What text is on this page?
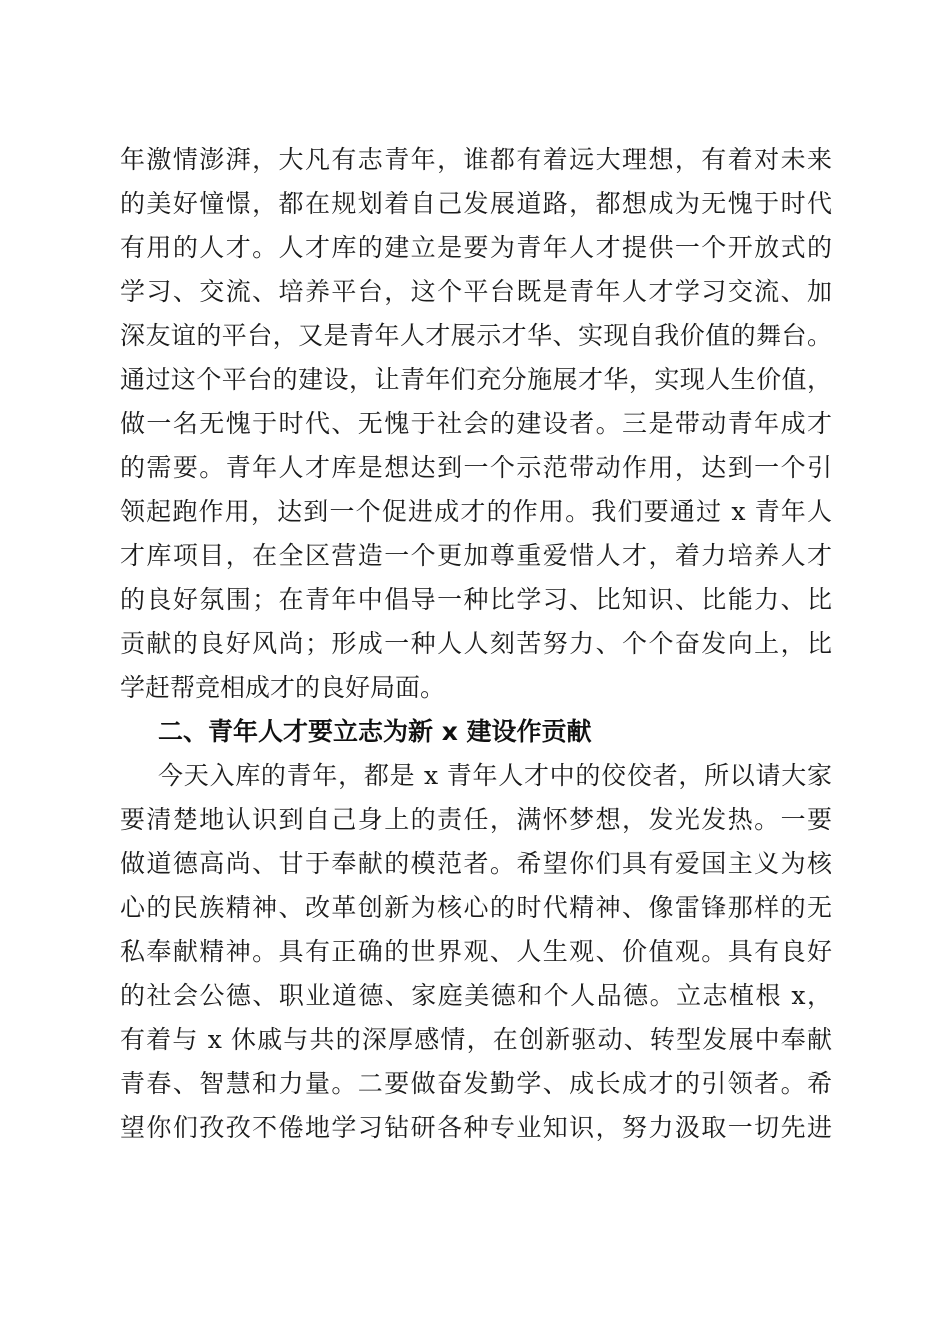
年激情澎湃，大凡有志青年，谁都有着远大理想，有着对未来
的美好憧憬，都在规划着自己发展道路，都想成为无愧于时代
有用的人才。人才库的建立是要为青年人才提供一个开放式的
学习、交流、培养平台，这个平台既是青年人才学习交流、加
深友谊的平台，又是青年人才展示才华、实现自我价值的舞台。
通过这个平台的建设，让青年们充分施展才华，实现人生价值，
做一名无愧于时代、无愧于社会的建设者。三是带动青年成才
的需要。青年人才库是想达到一个示范带动作用，达到一个引
领起跑作用，达到一个促进成才的作用。我们要通过 x 青年人
才库项目，在全区营造一个更加尊重爱惜人才，着力培养人才
的良好氛围；在青年中倡导一种比学习、比知识、比能力、比
贡献的良好风尚；形成一种人人刻苦努力、个个奋发向上，比
学赶帮竞相成才的良好局面。
二、青年人才要立志为新 x 建设作贡献
今天入库的青年，都是 x 青年人才中的佼佼者，所以请大家
要清楚地认识到自己身上的责任，满怀梦想，发光发热。一要
做道德高尚、甘于奉献的模范者。希望你们具有爱国主义为核
心的民族精神、改革创新为核心的时代精神、像雷锋那样的无
私奉献精神。具有正确的世界观、人生观、价值观。具有良好
的社会公德、职业道德、家庭美德和个人品德。立志植根 x，
有着与 x 休戚与共的深厚感情，在创新驱动、转型发展中奉献
青春、智慧和力量。二要做奋发勤学、成长成才的引领者。希
望你们孜孜不倦地学习钻研各种专业知识，努力汲取一切先进
